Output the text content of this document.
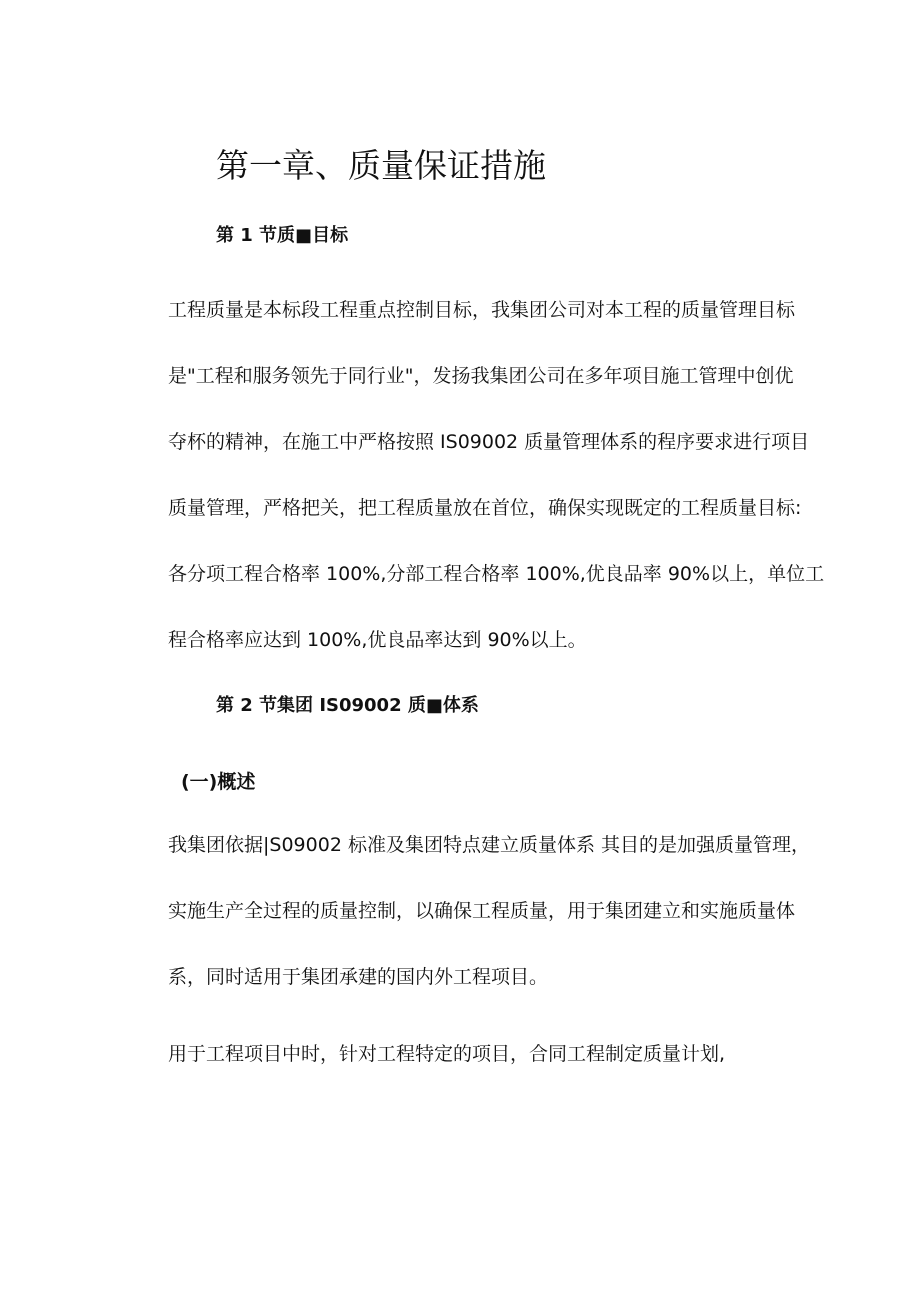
第一章、质量保证措施
第 1 节质■目标

工程质量是本标段工程重点控制目标，我集团公司对本工程的质量管理目标
是"工程和服务领先于同行业"，发扬我集团公司在多年项目施工管理中创优
夺杯的精神，在施工中严格按照 IS09002 质量管理体系的程序要求进行项目
质量管理，严格把关，把工程质量放在首位，确保实现既定的工程质量目标:
各分项工程合格率 100%,分部工程合格率 100%,优良品率 90%以上，单位工
程合格率应达到 100%,优良品率达到 90%以上。

第 2 节集团 IS09002 质■体系
(一)概述

我集团依据|S09002 标准及集团特点建立质量体系 其目的是加强质量管理，
实施生产全过程的质量控制，以确保工程质量，用于集团建立和实施质量体
系，同时适用于集团承建的国内外工程项目。

用于工程项目中时，针对工程特定的项目，合同工程制定质量计划,
